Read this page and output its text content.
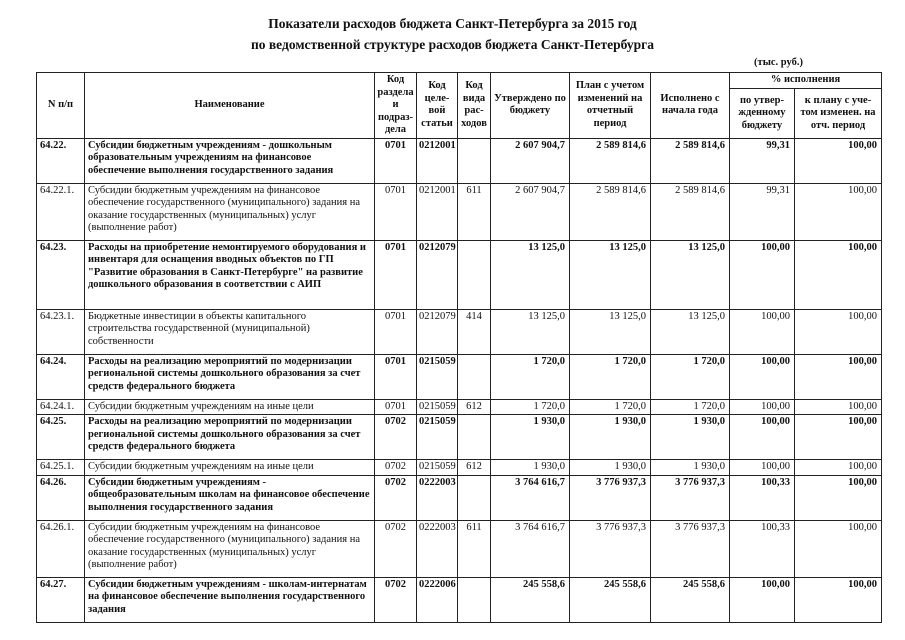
Показатели расходов бюджета Санкт-Петербурга за 2015 год
по ведомственной структуре расходов бюджета Санкт-Петербурга
(тыс. руб.)
N п/п	Наименование	Код раздела и подраз-дела	Код целе-вой статьи	Код вида рас-ходов	Утверждено по бюджету	План с учетом изменений на отчетный период	Исполнено с начала года	% исполнения	
								по утвер-жденному бюджету	к плану с уче-том изменен. на отч. период
64.22.	Субсидии бюджетным учреждениям - дошкольным образовательным учреждениям на финансовое обеспечение выполнения государственного задания	0701	0212001		2 607 904,7	2 589 814,6	2 589 814,6	99,31	100,00
64.22.1.	Субсидии бюджетным учреждениям на финансовое обеспечение государственного (муниципального) задания на оказание государственных (муниципальных) услуг (выполнение работ)	0701	0212001	611	2 607 904,7	2 589 814,6	2 589 814,6	99,31	100,00
64.23.	Расходы на приобретение немонтируемого оборудования и инвентаря для оснащения вводных объектов по ГП "Развитие образования в Санкт-Петербурге" на развитие дошкольного образования в соответствии с АИП	0701	0212079		13 125,0	13 125,0	13 125,0	100,00	100,00
64.23.1.	Бюджетные инвестиции в объекты капитального строительства государственной (муниципальной) собственности	0701	0212079	414	13 125,0	13 125,0	13 125,0	100,00	100,00
64.24.	Расходы на реализацию мероприятий по модернизации региональной системы дошкольного образования за счет средств федерального бюджета	0701	0215059		1 720,0	1 720,0	1 720,0	100,00	100,00
64.24.1.	Субсидии бюджетным учреждениям на иные цели	0701	0215059	612	1 720,0	1 720,0	1 720,0	100,00	100,00
64.25.	Расходы на реализацию мероприятий по модернизации региональной системы дошкольного образования за счет средств федерального бюджета	0702	0215059		1 930,0	1 930,0	1 930,0	100,00	100,00
64.25.1.	Субсидии бюджетным учреждениям на иные цели	0702	0215059	612	1 930,0	1 930,0	1 930,0	100,00	100,00
64.26.	Субсидии бюджетным учреждениям - общеобразовательным школам на финансовое обеспечение выполнения государственного задания	0702	0222003		3 764 616,7	3 776 937,3	3 776 937,3	100,33	100,00
64.26.1.	Субсидии бюджетным учреждениям на финансовое обеспечение государственного (муниципального) задания на оказание государственных (муниципальных) услуг (выполнение работ)	0702	0222003	611	3 764 616,7	3 776 937,3	3 776 937,3	100,33	100,00
64.27.	Субсидии бюджетным учреждениям - школам-интернатам на финансовое обеспечение выполнения государственного задания	0702	0222006		245 558,6	245 558,6	245 558,6	100,00	100,00
